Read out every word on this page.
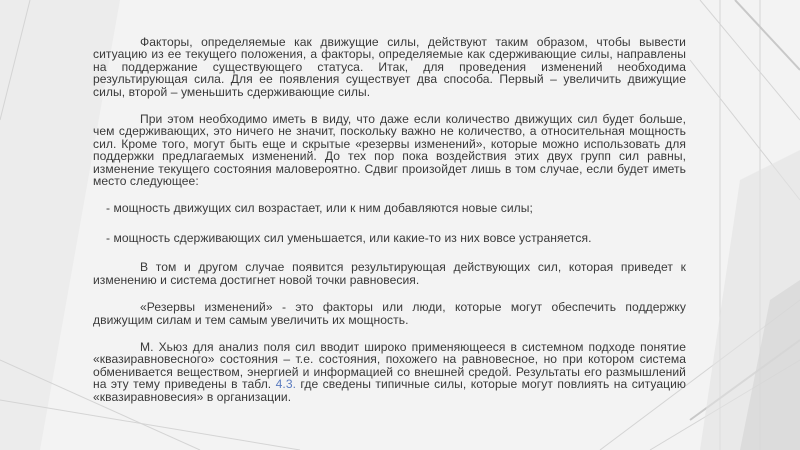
Факторы, определяемые как движущие силы, действуют таким образом, чтобы вывести ситуацию из ее текущего положения, а факторы, определяемые как сдерживающие силы, направлены на поддержание существующего статуса. Итак, для проведения изменений необходима результирующая сила. Для ее появления существует два способа. Первый – увеличить движущие силы, второй – уменьшить сдерживающие силы.

При этом необходимо иметь в виду, что даже если количество движущих сил будет больше, чем сдерживающих, это ничего не значит, поскольку важно не количество, а относительная мощность сил. Кроме того, могут быть еще и скрытые «резервы изменений», которые можно использовать для поддержки предлагаемых изменений. До тех пор пока воздействия этих двух групп сил равны, изменение текущего состояния маловероятно. Сдвиг произойдет лишь в том случае, если будет иметь место следующее:

- мощность движущих сил возрастает, или к ним добавляются новые силы;

- мощность сдерживающих сил уменьшается, или какие-то из них вовсе устраняется.

В том и другом случае появится результирующая действующих сил, которая приведет к изменению и система достигнет новой точки равновесия.

«Резервы изменений» - это факторы или люди, которые могут обеспечить поддержку движущим силам и тем самым увеличить их мощность.

М. Хьюз для анализ поля сил вводит широко применяющееся в системном подходе понятие «квазиравновесного» состояния – т.е. состояния, похожего на равновесное, но при котором система обменивается веществом, энергией и информацией со внешней средой. Результаты его размышлений на эту тему приведены в табл. 4.3. где сведены типичные силы, которые могут повлиять на ситуацию «квазиравновесия» в организации.
